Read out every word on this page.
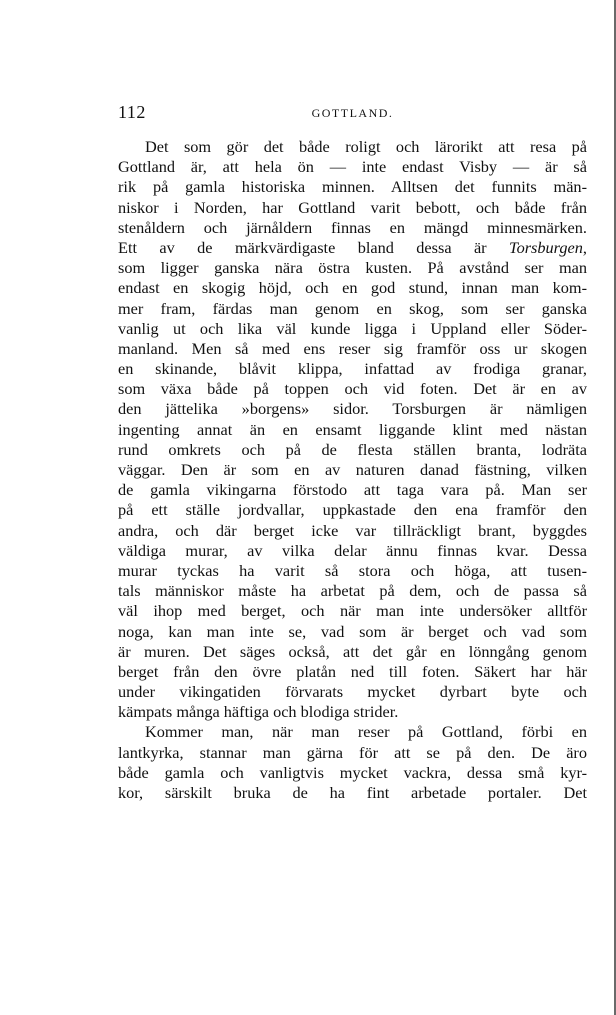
112	GOTTLAND.
Det som gör det både roligt och lärorikt att resa på
Gottland är, att hela ön — inte endast Visby — är så
rik på gamla historiska minnen. Alltsen det funnits män-
niskor i Norden, har Gottland varit bebott, och både från
stenåldern och järnåldern finnas en mängd minnesmärken.
Ett av de märkvärdigaste bland dessa är Torsburgen,
som ligger ganska nära östra kusten. På avstånd ser man
endast en skogig höjd, och en god stund, innan man kom-
mer fram, färdas man genom en skog, som ser ganska
vanlig ut och lika väl kunde ligga i Uppland eller Söder-
manland. Men så med ens reser sig framför oss ur skogen
en skinande, blåvit klippa, infattad av frodiga granar,
som växa både på toppen och vid foten. Det är en av
den jättelika »borgens» sidor. Torsburgen är nämligen
ingenting annat än en ensamt liggande klint med nästan
rund omkrets och på de flesta ställen branta, lodräta
väggar. Den är som en av naturen danad fästning, vilken
de gamla vikingarna förstodo att taga vara på. Man ser
på ett ställe jordvallar, uppkastade den ena framför den
andra, och där berget icke var tillräckligt brant, byggdes
väldiga murar, av vilka delar ännu finnas kvar. Dessa
murar tyckas ha varit så stora och höga, att tusen-
tals människor måste ha arbetat på dem, och de passa så
väl ihop med berget, och när man inte undersöker alltför
noga, kan man inte se, vad som är berget och vad som
är muren. Det säges också, att det går en lönngång genom
berget från den övre platån ned till foten. Säkert har här
under vikingatiden förvarats mycket dyrbart byte och
kämpats många häftiga och blodiga strider.
Kommer man, när man reser på Gottland, förbi en
lantkyrka, stannar man gärna för att se på den. De äro
både gamla och vanligtvis mycket vackra, dessa små kyr-
kor, särskilt bruka de ha fint arbetade portaler. Det
